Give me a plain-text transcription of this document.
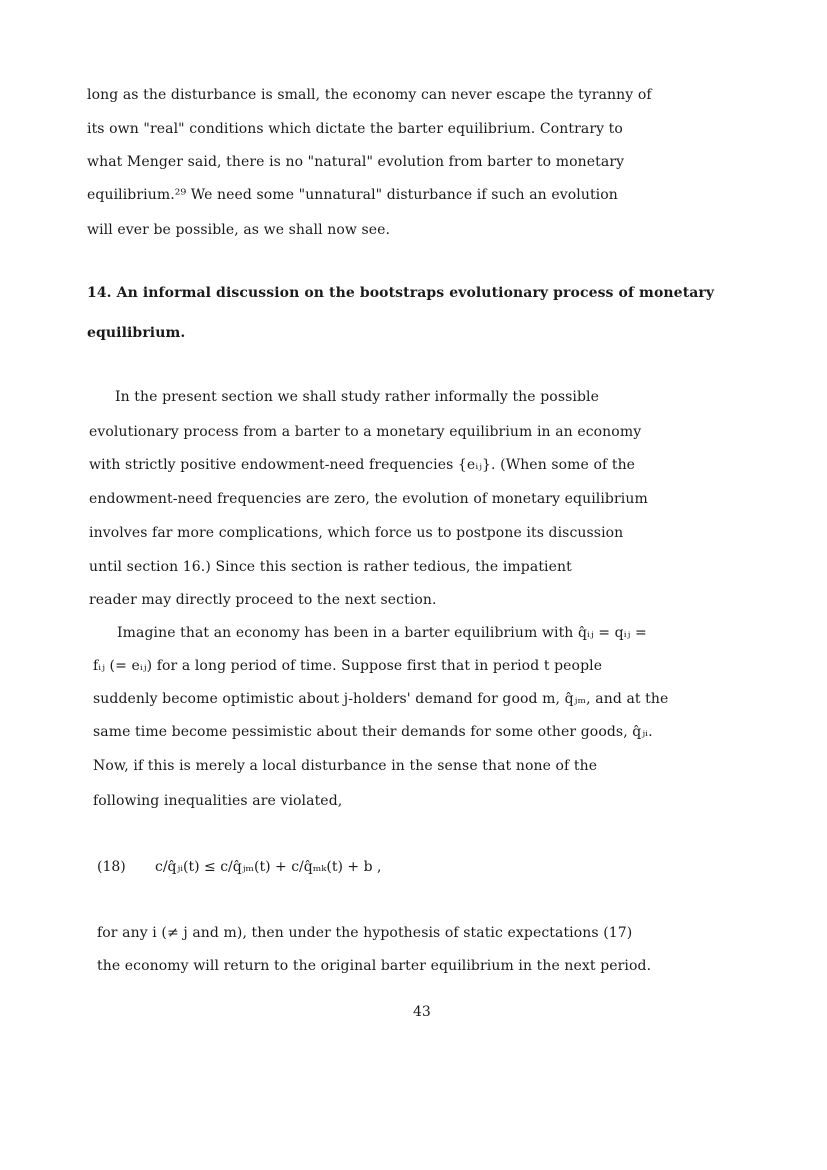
long as the disturbance is small, the economy can never escape the tyranny of
its own "real" conditions which dictate the barter equilibrium. Contrary to
what Menger said, there is no "natural" evolution from barter to monetary
equilibrium.²⁹ We need some "unnatural" disturbance if such an evolution
will ever be possible, as we shall now see.
14. An informal discussion on the bootstraps evolutionary process of monetary
equilibrium.
In the present section we shall study rather informally the possible
evolutionary process from a barter to a monetary equilibrium in an economy
with strictly positive endowment-need frequencies {eᵢⱼ}. (When some of the
endowment-need frequencies are zero, the evolution of monetary equilibrium
involves far more complications, which force us to postpone its discussion
until section 16.) Since this section is rather tedious, the impatient
reader may directly proceed to the next section.
Imagine that an economy has been in a barter equilibrium with q̂ᵢⱼ = qᵢⱼ =
fᵢⱼ (= eᵢⱼ) for a long period of time. Suppose first that in period t people
suddenly become optimistic about j-holders' demand for good m, q̂ⱼₘ, and at the
same time become pessimistic about their demands for some other goods, q̂ⱼᵢ.
Now, if this is merely a local disturbance in the sense that none of the
following inequalities are violated,
(18) c/q̂ⱼᵢ(t) ≤ c/q̂ⱼₘ(t) + c/q̂ₘₖ(t) + b ,
for any i (≠ j and m), then under the hypothesis of static expectations (17)
the economy will return to the original barter equilibrium in the next period.
43
